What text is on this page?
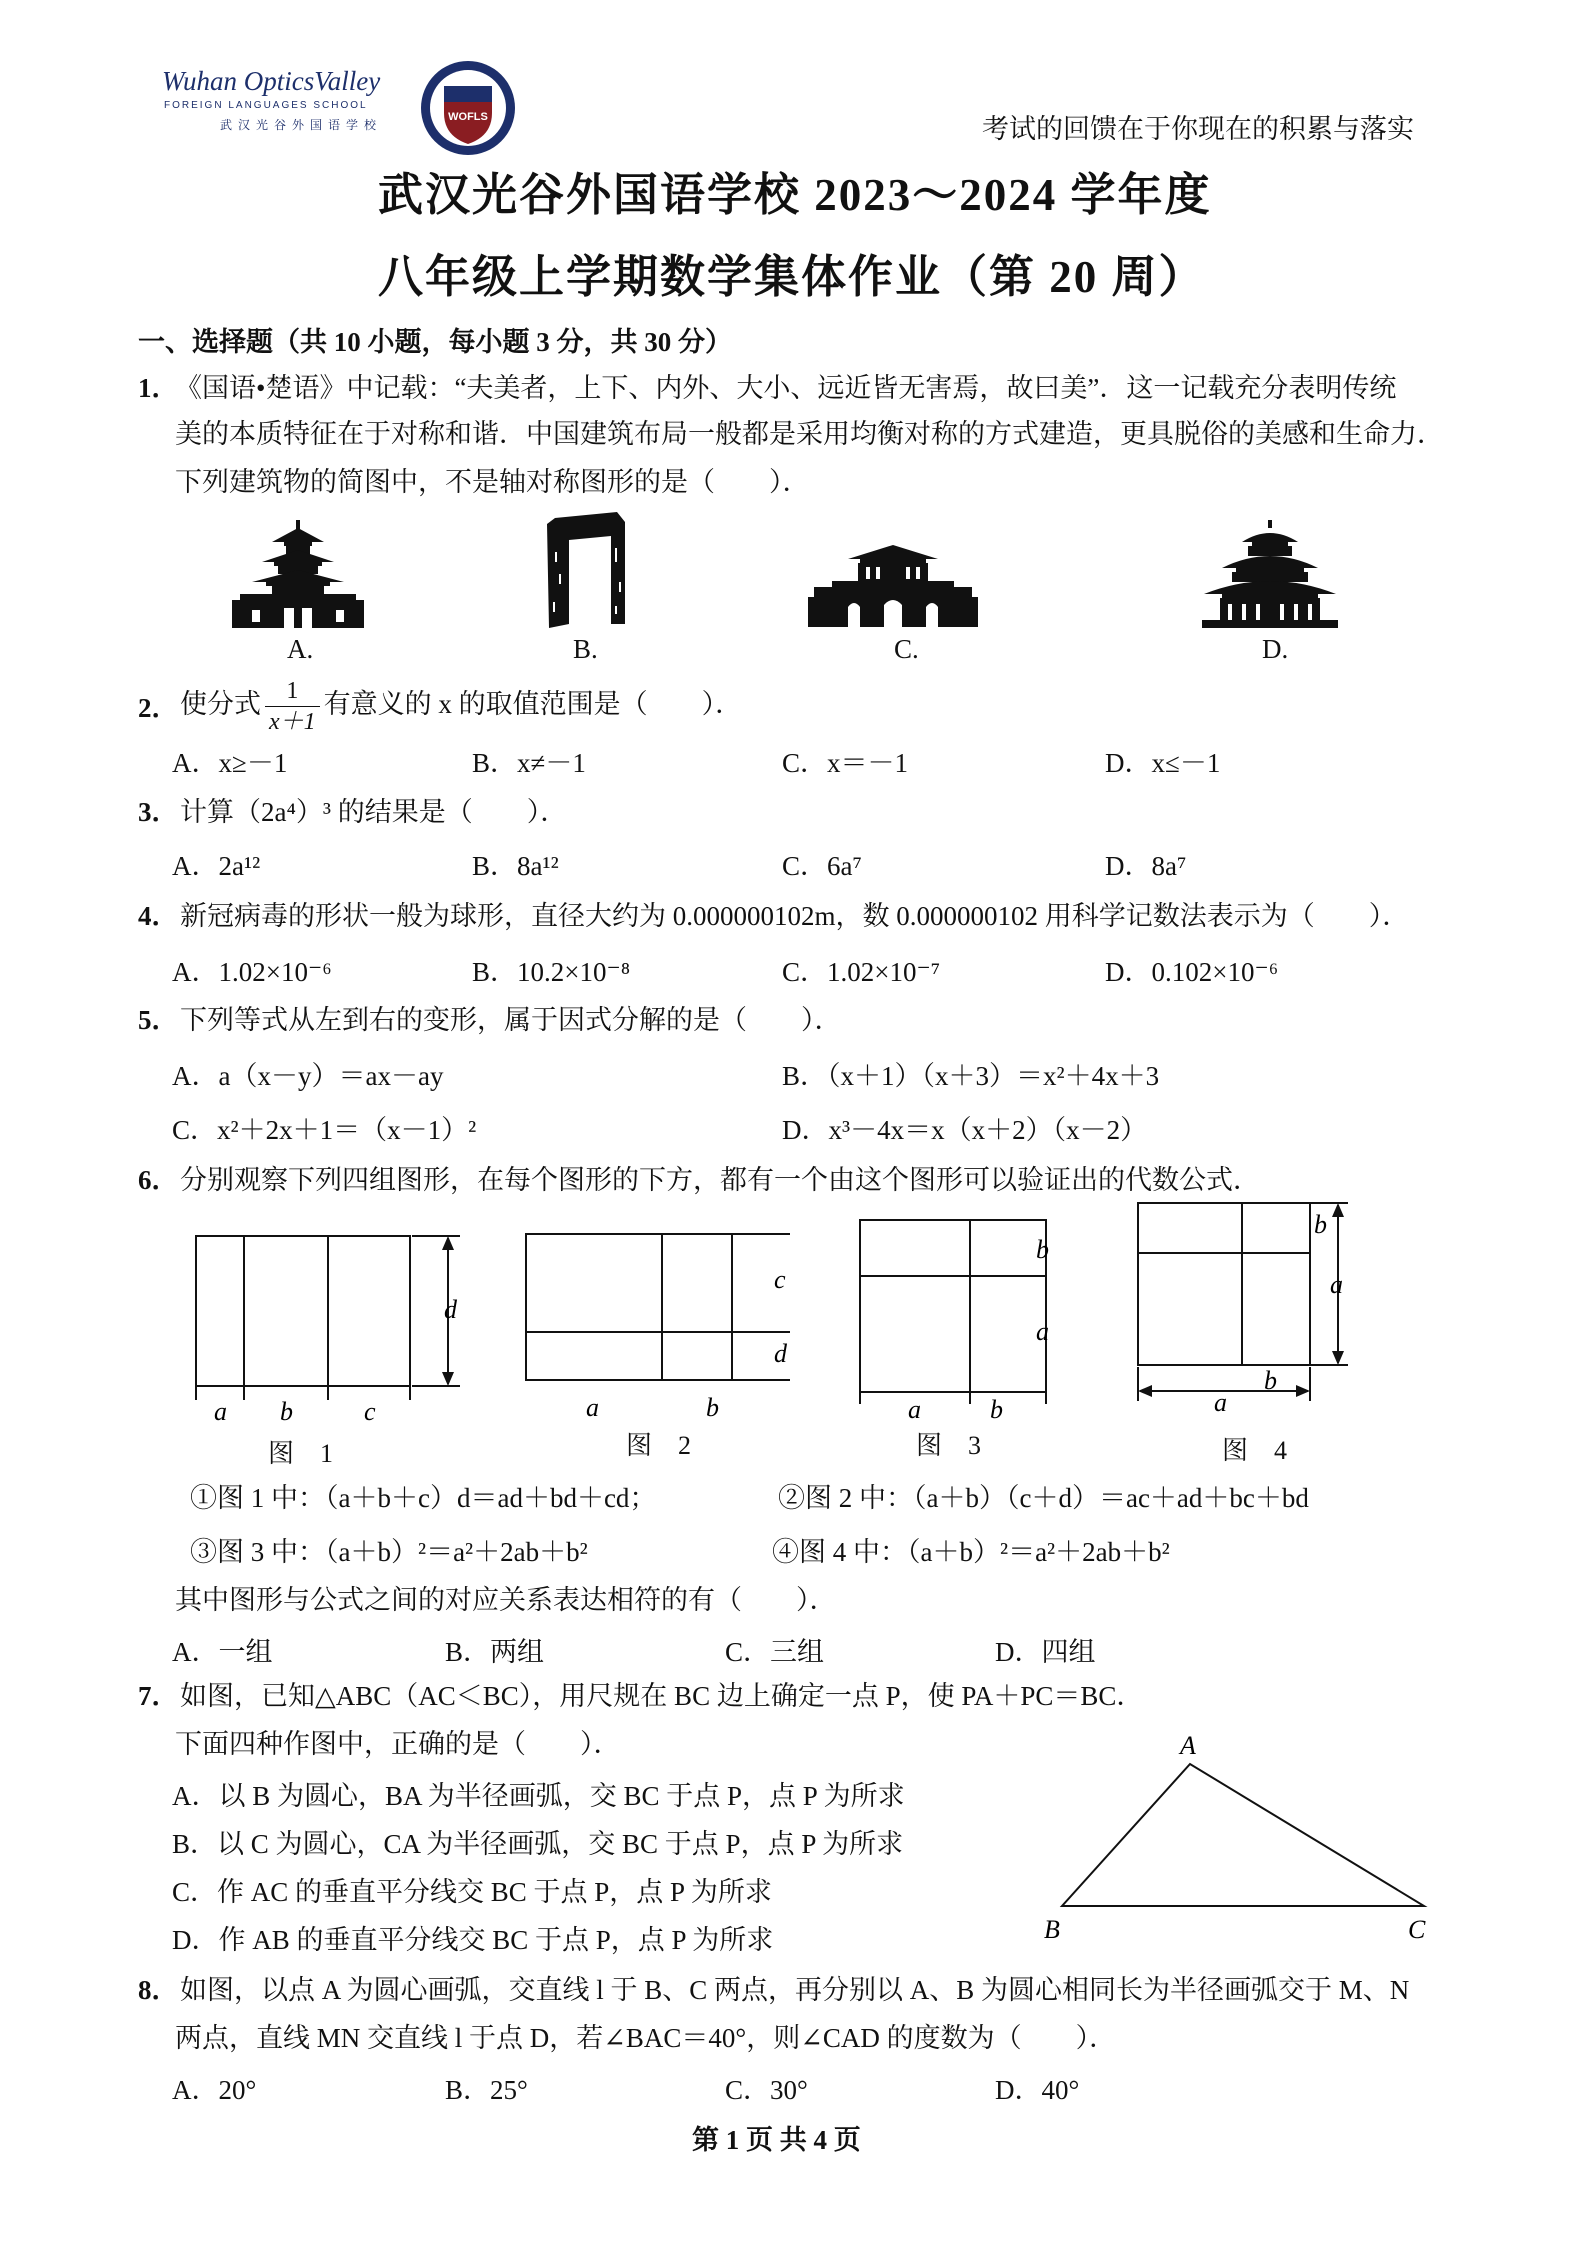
Wuhan OpticsValley
FOREIGN LANGUAGES SCHOOL
武汉光谷外国语学校
WOFLS	考试的回馈在于你现在的积累与落实
武汉光谷外国语学校 2023～2024 学年度
八年级上学期数学集体作业（第 20 周）
一、选择题（共 10 小题，每小题 3 分，共 30 分）
1．
《国语•楚语》中记载：“夫美者，上下、内外、大小、远近皆无害焉，故曰美”．这一记载充分表明传统
美的本质特征在于对称和谐．中国建筑布局一般都是采用均衡对称的方式建造，更具脱俗的美感和生命力．
下列建筑物的简图中，不是轴对称图形的是（　　）．
A.	B.	C.	D.
2． 使分式 $\frac{1}{x+1}$ 有意义的 x 的取值范围是（　　）．
A．x≥－1	B．x≠－1	C．x＝－1	D．x≤－1
3． 计算（2a⁴）³ 的结果是（　　）．
A．2a¹²	B．8a¹²	C．6a⁷	D．8a⁷
4． 新冠病毒的形状一般为球形，直径大约为 0.000000102m，数 0.000000102 用科学记数法表示为（　　）．
A．1.02×10⁻⁶	B．10.2×10⁻⁸	C．1.02×10⁻⁷	D．0.102×10⁻⁶
5． 下列等式从左到右的变形，属于因式分解的是（　　）．
A．a（x－y）＝ax－ay	B．（x＋1）（x＋3）＝x²＋4x＋3
C．x²＋2x＋1＝（x－1）²	D．x³－4x＝x（x＋2）（x－2）
6． 分别观察下列四组图形，在每个图形的下方，都有一个由这个图形可以验证出的代数公式．
a b	c
d
图　1
a	b
c
d
图　2
a	b
b
a
图　3
a
b
b
a
图　4
①图 1 中：（a＋b＋c）d＝ad＋bd＋cd；	②图 2 中：（a＋b）（c＋d）＝ac＋ad＋bc＋bd
③图 3 中：（a＋b）²＝a²＋2ab＋b²	④图 4 中：（a＋b）²＝a²＋2ab＋b²
其中图形与公式之间的对应关系表达相符的有（　　）．
A．一组	B．两组	C．三组	D．四组
7． 如图，已知△ABC（AC＜BC），用尺规在 BC 边上确定一点 P，使 PA＋PC＝BC．
下面四种作图中，正确的是（　　）．
A．以 B 为圆心，BA 为半径画弧，交 BC 于点 P，点 P 为所求
B．以 C 为圆心，CA 为半径画弧，交 BC 于点 P，点 P 为所求
C．作 AC 的垂直平分线交 BC 于点 P，点 P 为所求
D．作 AB 的垂直平分线交 BC 于点 P，点 P 为所求
A
B	C
8． 如图，以点 A 为圆心画弧，交直线 l 于 B、C 两点，再分别以 A、B 为圆心相同长为半径画弧交于 M、N
两点，直线 MN 交直线 l 于点 D，若∠BAC＝40°，则∠CAD 的度数为（　　）．
A．20°	B．25°	C．30°	D．40°
第 1 页 共 4 页
